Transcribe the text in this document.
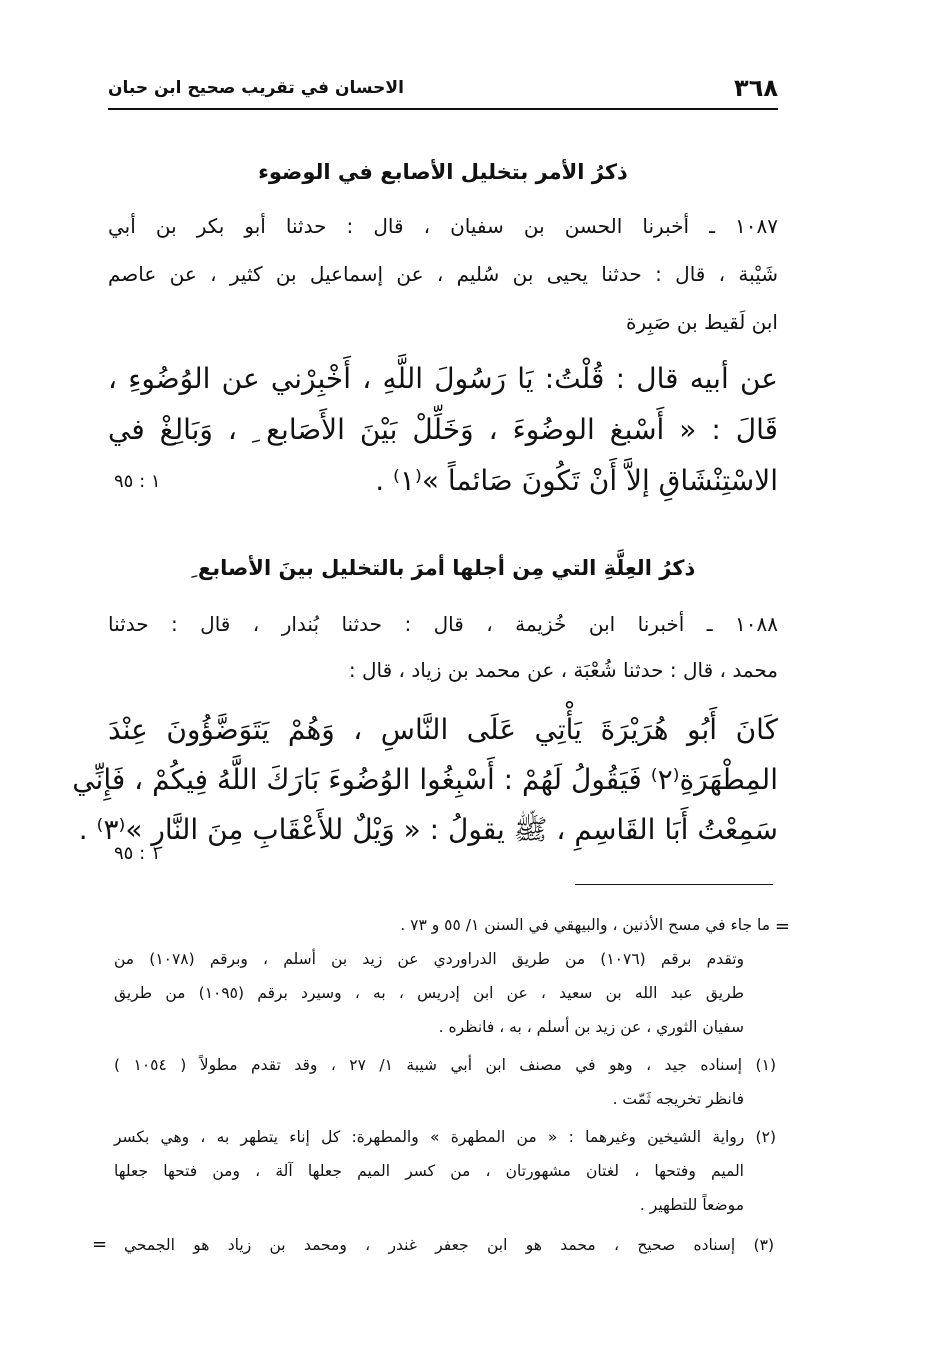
٣٦٨
الاحسان في تقريب صحيح ابن حبان
ذكرُ الأمر بتخليل الأصابع في الوضوء
١٠٨٧ ـ أخبرنا الحسن بن سفيان ، قال : حدثنا أبو بكر بن أبي
شَيْبة ، قال : حدثنا يحيى بن سُليم ، عن إسماعيل بن كثير ، عن عاصم
ابن لَقيط بن صَبِرة
عن أبيه قال : قُلْتُ: يَا رَسُولَ اللَّهِ ، أَخْبِرْني عن الوُضُوءِ ،
قَالَ : « أَسْبغ الوضُوءَ ، وَخَلِّلْ بَيْنَ الأَصَابع ِ ، وَبَالِغْ في
الاسْتِنْشَاقِ إلاَّ أَنْ تَكُونَ صَائماً »⁽١⁾ .
١ : ٩٥
ذكرُ العِلَّةِ التي مِن أجلها أمرَ بالتخليل بينَ الأصابع ِ
١٠٨٨ ـ أخبرنا ابن خُزيمة ، قال : حدثنا بُندار ، قال : حدثنا
محمد ، قال : حدثنا شُعْبَة ، عن محمد بن زياد ، قال :
كَانَ أَبُو هُرَيْرَةَ يَأْتِي عَلَى النَّاسِ ، وَهُمْ يَتَوَضَّؤُونَ عِنْدَ
المِطْهَرَةِ⁽٢⁾ فَيَقُولُ لَهُمْ : أَسْبِغُوا الوُضُوءَ بَارَكَ اللَّهُ فِيكُمْ ، فَإِنِّي
سَمِعْتُ أَبَا القَاسِمِ ، ﷺ يقولُ : « وَيْلٌ للأَعْقَابِ مِنَ النَّارِ »⁽٣⁾ .
١ : ٩٥
=
ما جاء في مسح الأذنين ، والبيهقي في السنن ١/ ٥٥ و ٧٣ .
وتقدم برقم (١٠٧٦) من طريق الدراوردي عن زيد بن أسلم ، وبرقم (١٠٧٨) من
طريق عبد الله بن سعيد ، عن ابن إدريس ، به ، وسيرد برقم (١٠٩٥) من طريق
سفيان الثوري ، عن زيد بن أسلم ، به ، فانظره .
(١) إسناده جيد ، وهو في مصنف ابن أبي شيبة ١/ ٢٧ ، وقد تقدم مطولاً ( ١٠٥٤ )
فانظر تخريجه ثَمّت .
(٢) رواية الشيخين وغيرهما : « من المطهرة » والمطهرة: كل إناء يتطهر به ، وهي بكسر
الميم وفتحها ، لغتان مشهورتان ، من كسر الميم جعلها آلة ، ومن فتحها جعلها
موضعاً للتطهير .
(٣) إسناده صحيح ، محمد هو ابن جعفر غندر ، ومحمد بن زياد هو الجمحي
=
